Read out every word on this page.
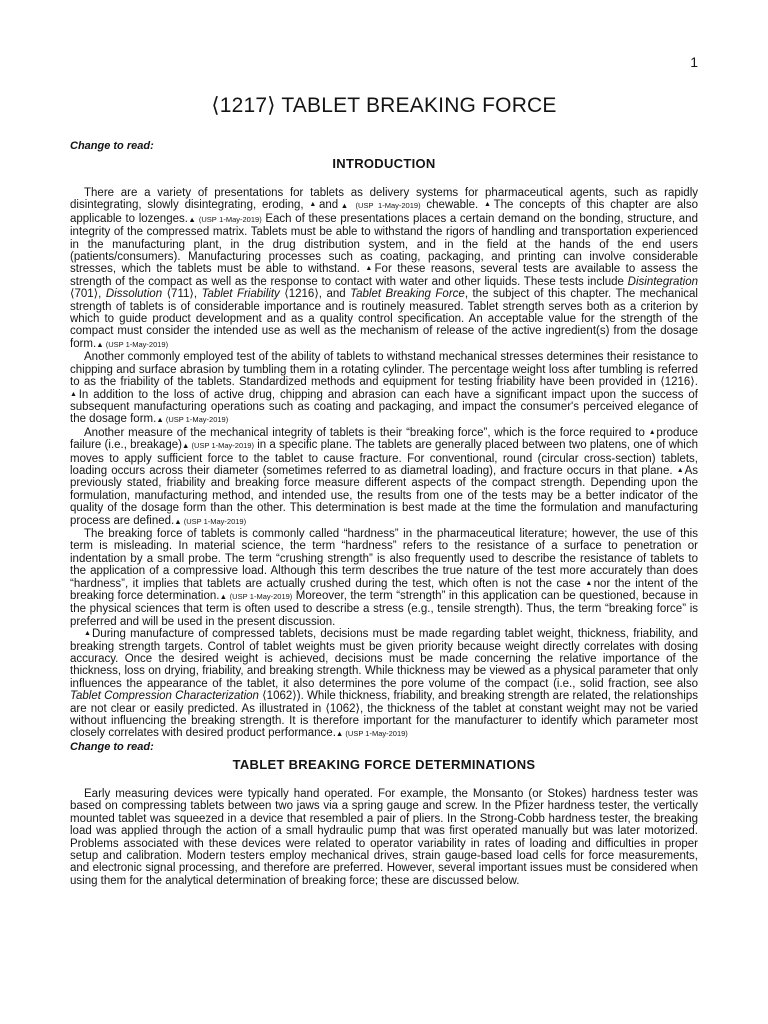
1
⟨1217⟩ TABLET BREAKING FORCE
Change to read:
INTRODUCTION

There are a variety of presentations for tablets as delivery systems for pharmaceutical agents, such as rapidly disintegrating, slowly disintegrating, eroding, ▲and▲ (USP 1-May-2019) chewable. ▲The concepts of this chapter are also applicable to lozenges.▲ (USP 1-May-2019) Each of these presentations places a certain demand on the bonding, structure, and integrity of the compressed matrix. Tablets must be able to withstand the rigors of handling and transportation experienced in the manufacturing plant, in the drug distribution system, and in the field at the hands of the end users (patients/consumers). Manufacturing processes such as coating, packaging, and printing can involve considerable stresses, which the tablets must be able to withstand. ▲For these reasons, several tests are available to assess the strength of the compact as well as the response to contact with water and other liquids. These tests include Disintegration ⟨701⟩, Dissolution ⟨711⟩, Tablet Friability ⟨1216⟩, and Tablet Breaking Force, the subject of this chapter. The mechanical strength of tablets is of considerable importance and is routinely measured. Tablet strength serves both as a criterion by which to guide product development and as a quality control specification. An acceptable value for the strength of the compact must consider the intended use as well as the mechanism of release of the active ingredient(s) from the dosage form.▲ (USP 1-May-2019)

Another commonly employed test of the ability of tablets to withstand mechanical stresses determines their resistance to chipping and surface abrasion by tumbling them in a rotating cylinder. The percentage weight loss after tumbling is referred to as the friability of the tablets. Standardized methods and equipment for testing friability have been provided in ⟨1216⟩. ▲In addition to the loss of active drug, chipping and abrasion can each have a significant impact upon the success of subsequent manufacturing operations such as coating and packaging, and impact the consumer's perceived elegance of the dosage form.▲ (USP 1-May-2019)

Another measure of the mechanical integrity of tablets is their “breaking force”, which is the force required to ▲produce failure (i.e., breakage)▲ (USP 1-May-2019) in a specific plane. The tablets are generally placed between two platens, one of which moves to apply sufficient force to the tablet to cause fracture. For conventional, round (circular cross-section) tablets, loading occurs across their diameter (sometimes referred to as diametral loading), and fracture occurs in that plane. ▲As previously stated, friability and breaking force measure different aspects of the compact strength. Depending upon the formulation, manufacturing method, and intended use, the results from one of the tests may be a better indicator of the quality of the dosage form than the other. This determination is best made at the time the formulation and manufacturing process are defined.▲ (USP 1-May-2019)

The breaking force of tablets is commonly called “hardness” in the pharmaceutical literature; however, the use of this term is misleading. In material science, the term “hardness” refers to the resistance of a surface to penetration or indentation by a small probe. The term “crushing strength” is also frequently used to describe the resistance of tablets to the application of a compressive load. Although this term describes the true nature of the test more accurately than does “hardness”, it implies that tablets are actually crushed during the test, which often is not the case ▲nor the intent of the breaking force determination.▲ (USP 1-May-2019) Moreover, the term “strength” in this application can be questioned, because in the physical sciences that term is often used to describe a stress (e.g., tensile strength). Thus, the term “breaking force” is preferred and will be used in the present discussion.

▲During manufacture of compressed tablets, decisions must be made regarding tablet weight, thickness, friability, and breaking strength targets. Control of tablet weights must be given priority because weight directly correlates with dosing accuracy. Once the desired weight is achieved, decisions must be made concerning the relative importance of the thickness, loss on drying, friability, and breaking strength. While thickness may be viewed as a physical parameter that only influences the appearance of the tablet, it also determines the pore volume of the compact (i.e., solid fraction, see also Tablet Compression Characterization ⟨1062⟩). While thickness, friability, and breaking strength are related, the relationships are not clear or easily predicted. As illustrated in ⟨1062⟩, the thickness of the tablet at constant weight may not be varied without influencing the breaking strength. It is therefore important for the manufacturer to identify which parameter most closely correlates with desired product performance.▲ (USP 1-May-2019)

Change to read:
TABLET BREAKING FORCE DETERMINATIONS

Early measuring devices were typically hand operated. For example, the Monsanto (or Stokes) hardness tester was based on compressing tablets between two jaws via a spring gauge and screw. In the Pfizer hardness tester, the vertically mounted tablet was squeezed in a device that resembled a pair of pliers. In the Strong-Cobb hardness tester, the breaking load was applied through the action of a small hydraulic pump that was first operated manually but was later motorized. Problems associated with these devices were related to operator variability in rates of loading and difficulties in proper setup and calibration. Modern testers employ mechanical drives, strain gauge-based load cells for force measurements, and electronic signal processing, and therefore are preferred. However, several important issues must be considered when using them for the analytical determination of breaking force; these are discussed below.
